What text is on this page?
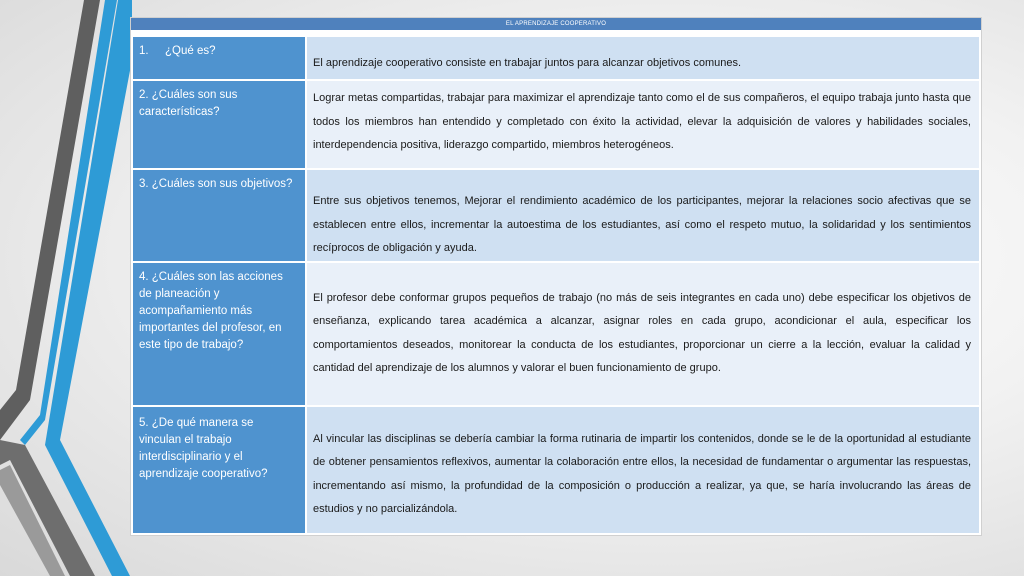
EL APRENDIZAJE COOPERATIVO
1. ¿Qué es?	El aprendizaje cooperativo consiste en trabajar juntos para alcanzar objetivos comunes.
2. ¿Cuáles son sus características?	Lograr metas compartidas, trabajar para maximizar el aprendizaje tanto como el de sus compañeros, el equipo trabaja junto hasta que todos los miembros han entendido y completado con éxito la actividad, elevar la adquisición de valores y habilidades sociales, interdependencia positiva, liderazgo compartido, miembros heterogéneos.
3. ¿Cuáles son sus objetivos?	Entre sus objetivos tenemos, Mejorar el rendimiento académico de los participantes, mejorar la relaciones socio afectivas que se establecen entre ellos, incrementar la autoestima de los estudiantes, así como el respeto mutuo, la solidaridad y los sentimientos recíprocos de obligación y ayuda.
4. ¿Cuáles son las acciones de planeación y acompañamiento más importantes del profesor, en este tipo de trabajo?	El profesor debe conformar grupos pequeños de trabajo (no más de seis integrantes en cada uno) debe especificar los objetivos de enseñanza, explicando tarea académica a alcanzar, asignar roles en cada grupo, acondicionar el aula, especificar los comportamientos deseados, monitorear la conducta de los estudiantes, proporcionar un cierre a la lección, evaluar la calidad y cantidad del aprendizaje de los alumnos y valorar el buen funcionamiento de grupo.
5. ¿De qué manera se vinculan el trabajo interdisciplinario y el aprendizaje cooperativo?	Al vincular las disciplinas se debería cambiar la forma rutinaria de impartir los contenidos, donde se le de la oportunidad al estudiante de obtener pensamientos reflexivos, aumentar la colaboración entre ellos, la necesidad de fundamentar o argumentar las respuestas, incrementando así mismo, la profundidad de la composición o producción a realizar, ya que, se haría involucrando las áreas de estudios y no parcializándola.
